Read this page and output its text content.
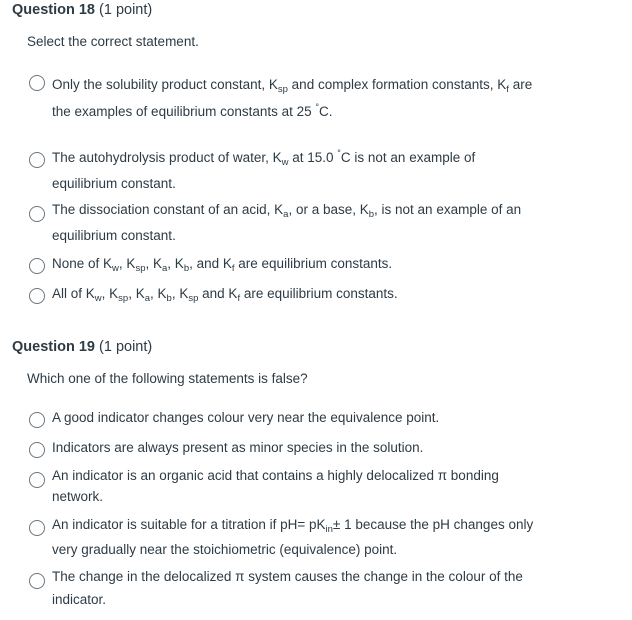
Question 18 (1 point)
Select the correct statement.
Only the solubility product constant, $K_{sp}$ and complex formation constants, $K_f$ are
the examples of equilibrium constants at 25 °C.
The autohydrolysis product of water, $K_w$ at 15.0 °C is not an example of
equilibrium constant.
The dissociation constant of an acid, $K_a$, or a base, $K_b$, is not an example of an
equilibrium constant.
None of $K_w$, $K_{sp}$, $K_a$, $K_b$, and $K_f$ are equilibrium constants.
All of $K_w$, $K_{sp}$, $K_a$, $K_b$, $K_{sp}$ and $K_f$ are equilibrium constants.
Question 19 (1 point)
Which one of the following statements is false?
A good indicator changes colour very near the equivalence point.
Indicators are always present as minor species in the solution.
An indicator is an organic acid that contains a highly delocalized π bonding
network.
An indicator is suitable for a titration if $pH= pK_{in}\pm 1$ because the pH changes only
very gradually near the stoichiometric (equivalence) point.
The change in the delocalized π system causes the change in the colour of the
indicator.
